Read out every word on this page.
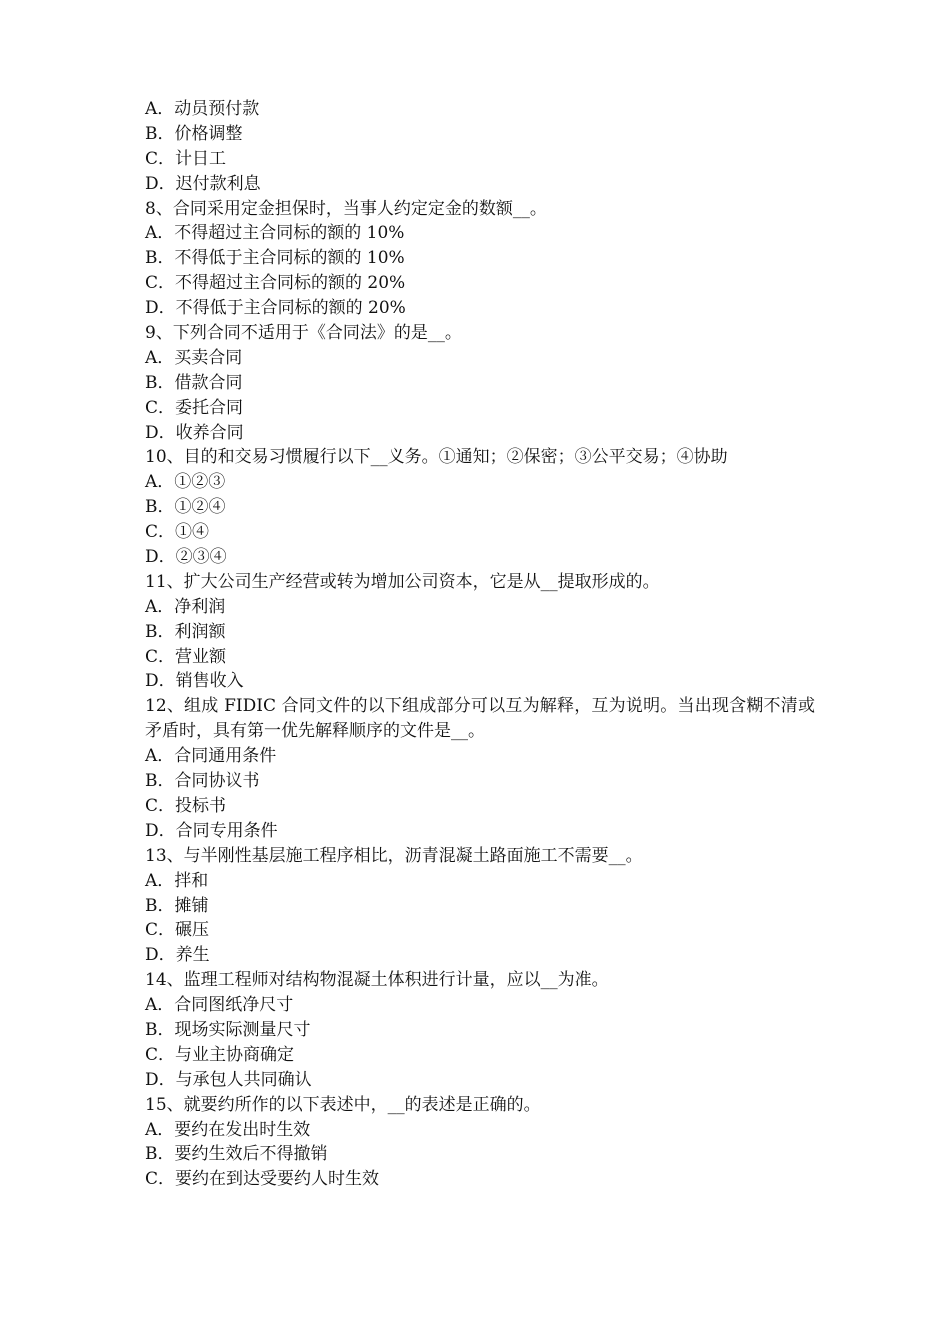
A．动员预付款
B．价格调整
C．计日工
D．迟付款利息
8、合同采用定金担保时，当事人约定定金的数额__。
A．不得超过主合同标的额的 10%
B．不得低于主合同标的额的 10%
C．不得超过主合同标的额的 20%
D．不得低于主合同标的额的 20%
9、下列合同不适用于《合同法》的是__。
A．买卖合同
B．借款合同
C．委托合同
D．收养合同
10、目的和交易习惯履行以下__义务。①通知；②保密；③公平交易；④协助
A．①②③
B．①②④
C．①④
D．②③④
11、扩大公司生产经营或转为增加公司资本，它是从__提取形成的。
A．净利润
B．利润额
C．营业额
D．销售收入
12、组成 FIDIC 合同文件的以下组成部分可以互为解释，互为说明。当出现含糊不清或矛盾时，具有第一优先解释顺序的文件是__。
A．合同通用条件
B．合同协议书
C．投标书
D．合同专用条件
13、与半刚性基层施工程序相比，沥青混凝土路面施工不需要__。
A．拌和
B．摊铺
C．碾压
D．养生
14、监理工程师对结构物混凝土体积进行计量，应以__为准。
A．合同图纸净尺寸
B．现场实际测量尺寸
C．与业主协商确定
D．与承包人共同确认
15、就要约所作的以下表述中，__的表述是正确的。
A．要约在发出时生效
B．要约生效后不得撤销
C．要约在到达受要约人时生效
